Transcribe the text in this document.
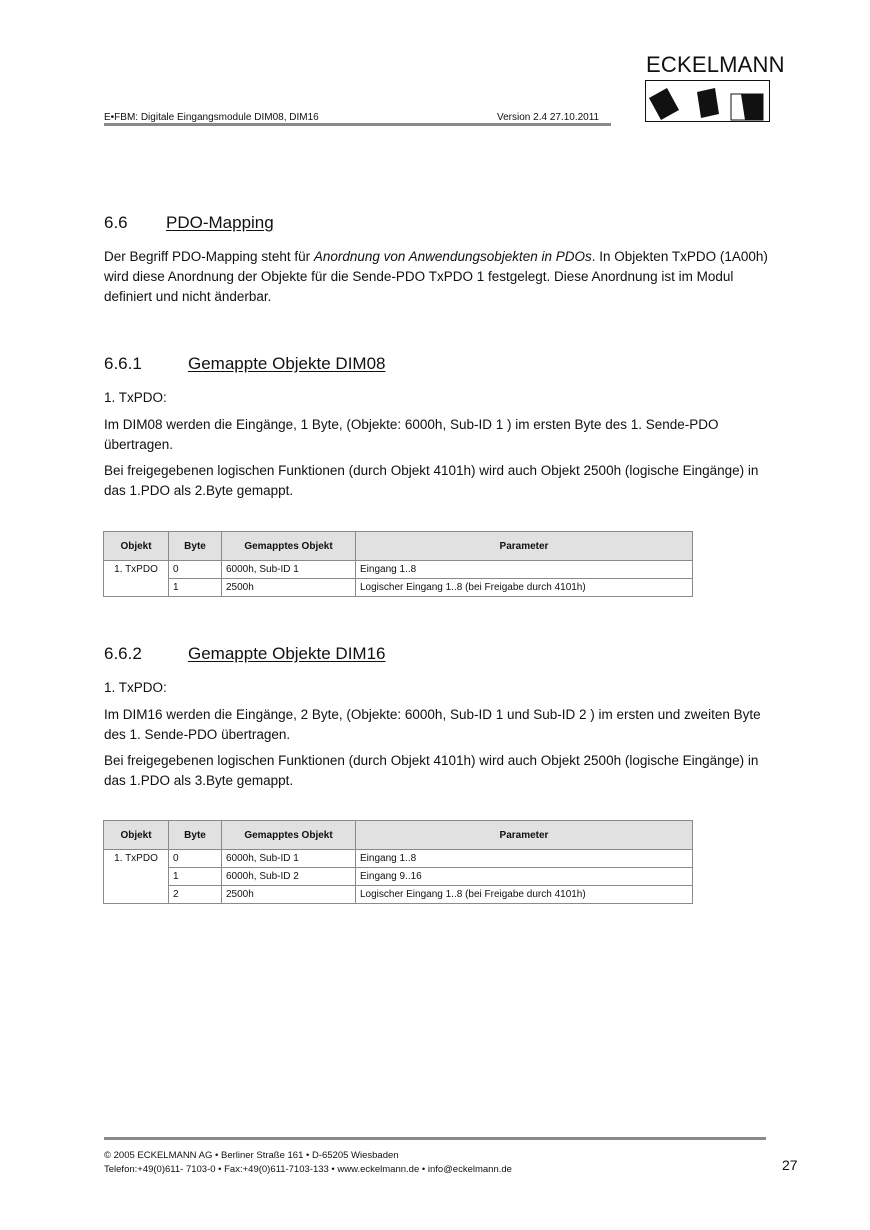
E•FBM: Digitale Eingangsmodule DIM08, DIM16	Version 2.4 27.10.2011
ECKELMANN
6.6 PDO-Mapping
Der Begriff PDO-Mapping steht für Anordnung von Anwendungsobjekten in PDOs. In Objekten TxPDO (1A00h) wird diese Anordnung der Objekte für die Sende-PDO TxPDO 1 festgelegt. Diese Anordnung ist im Modul definiert und nicht änderbar.
6.6.1	Gemappte Objekte DIM08
1. TxPDO:
Im DIM08 werden die Eingänge, 1 Byte, (Objekte: 6000h, Sub-ID 1 ) im ersten Byte des 1. Sende-PDO übertragen.
Bei freigegebenen logischen Funktionen (durch Objekt 4101h) wird auch Objekt 2500h (logische Eingänge) in das 1.PDO als 2.Byte gemappt.
Objekt	Byte	Gemapptes Objekt	Parameter
1. TxPDO	0	6000h, Sub-ID 1	Eingang 1..8
	1	2500h	Logischer Eingang 1..8 (bei Freigabe durch 4101h)
6.6.2	Gemappte Objekte DIM16
1. TxPDO:
Im DIM16 werden die Eingänge, 2 Byte, (Objekte: 6000h, Sub-ID 1 und Sub-ID 2 ) im ersten und zweiten Byte des 1. Sende-PDO übertragen.
Bei freigegebenen logischen Funktionen (durch Objekt 4101h) wird auch Objekt 2500h (logische Eingänge) in das 1.PDO als 3.Byte gemappt.
Objekt	Byte	Gemapptes Objekt	Parameter
1. TxPDO	0	6000h, Sub-ID 1	Eingang 1..8
	1	6000h, Sub-ID 2	Eingang 9..16
	2	2500h	Logischer Eingang 1..8 (bei Freigabe durch 4101h)
© 2005 ECKELMANN AG • Berliner Straße 161 • D-65205 Wiesbaden
Telefon:+49(0)611- 7103-0 • Fax:+49(0)611-7103-133 • www.eckelmann.de • info@eckelmann.de	27
